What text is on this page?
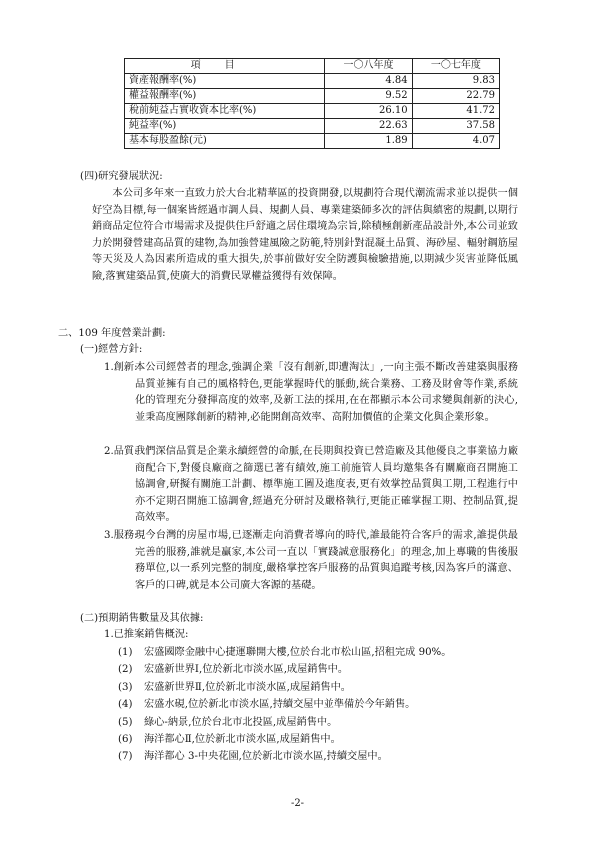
項目	一〇八年度	一〇七年度
資產報酬率(%)	4.84	9.83
權益報酬率(%)	9.52	22.79
稅前純益占實收資本比率(%)	26.10	41.72
純益率(%)	22.63	37.58
基本每股盈餘(元)	1.89	4.07
(四)研究發展狀況:
本公司多年來一直致力於大台北精華區的投資開發,以規劃符合現代潮流需求並以提供一個好空為目標,每一個案皆經過市調人員、規劃人員、專業建築師多次的評估與縝密的規劃,以期行銷商品定位符合市場需求及提供住戶舒適之居住環境為宗旨,除積極創新產品設計外,本公司並致力於開發營建高品質的建物,為加強營建風險之防範,特別針對混凝土品質、海砂屋、輻射鋼筋屋等天災及人為因素所造成的重大損失,於事前做好安全防護與檢驗措施,以期減少災害並降低風險,落實建築品質,使廣大的消費民眾權益獲得有效保障。
二、109 年度營業計劃:
(一)經營方針:
1.創新:
本公司經營者的理念,強調企業「沒有創新,即遭淘汰」,一向主張不斷改善建築與服務品質並擁有自己的風格特色,更能掌握時代的脈動,統合業務、工務及財會等作業,系統化的管理充分發揮高度的效率,及新工法的採用,在在都顯示本公司求變與創新的決心,並秉高度團隊創新的精神,必能開創高效率、高附加價值的企業文化與企業形象。
2.品質:
我們深信品質是企業永續經營的命脈,在長期與投資已營造廠及其他優良之事業協力廠商配合下,對優良廠商之篩選已著有績效,施工前施管人員均邀集各有關廠商召開施工協調會,研擬有關施工計劃、標準施工圖及進度表,更有效掌控品質與工期,工程進行中亦不定期召開施工協調會,經過充分研討及嚴格執行,更能正確掌握工期、控制品質,提高效率。
3.服務:
現今台灣的房屋市場,已逐漸走向消費者導向的時代,誰最能符合客戶的需求,誰提供最完善的服務,誰就是贏家,本公司一直以「實踐誠意服務化」的理念,加上專職的售後服務單位,以一系列完整的制度,嚴格掌控客戶服務的品質與追蹤考核,因為客戶的滿意、客戶的口碑,就是本公司廣大客源的基礎。
(二)預期銷售數量及其依據:
1.已推案銷售概況:
(1) 宏盛國際金融中心捷運聯開大樓,位於台北市松山區,招租完成 90%。
(2) 宏盛新世界Ⅰ,位於新北市淡水區,成屋銷售中。
(3) 宏盛新世界Ⅱ,位於新北市淡水區,成屋銷售中。
(4) 宏盛水硯,位於新北市淡水區,持續交屋中並準備於今年銷售。
(5) 綠心-納景,位於台北市北投區,成屋銷售中。
(6) 海洋都心Ⅱ,位於新北市淡水區,成屋銷售中。
(7) 海洋都心 3-中央花園,位於新北市淡水區,持續交屋中。
-2-
